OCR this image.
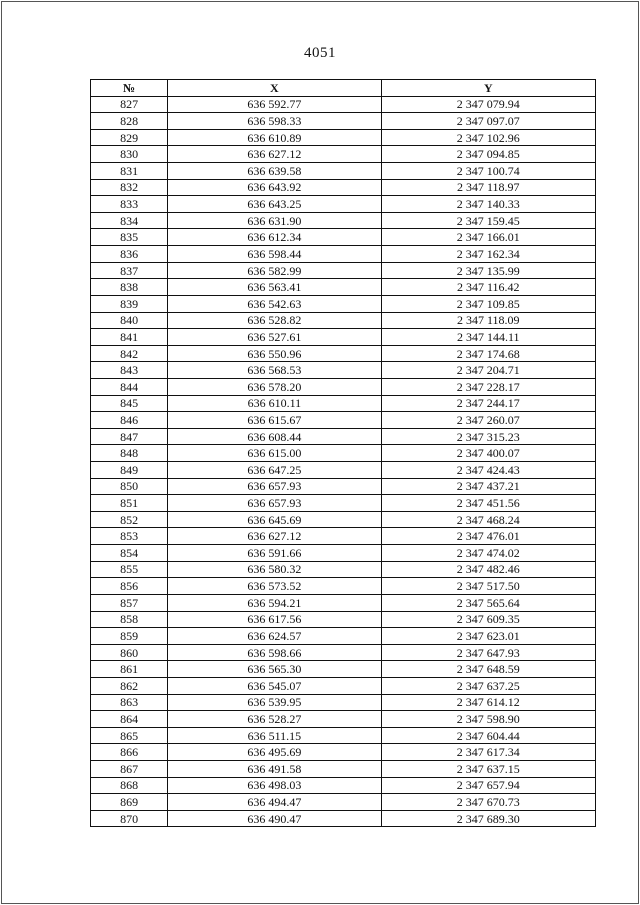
4051
№	X	Y
827	636 592.77	2 347 079.94
828	636 598.33	2 347 097.07
829	636 610.89	2 347 102.96
830	636 627.12	2 347 094.85
831	636 639.58	2 347 100.74
832	636 643.92	2 347 118.97
833	636 643.25	2 347 140.33
834	636 631.90	2 347 159.45
835	636 612.34	2 347 166.01
836	636 598.44	2 347 162.34
837	636 582.99	2 347 135.99
838	636 563.41	2 347 116.42
839	636 542.63	2 347 109.85
840	636 528.82	2 347 118.09
841	636 527.61	2 347 144.11
842	636 550.96	2 347 174.68
843	636 568.53	2 347 204.71
844	636 578.20	2 347 228.17
845	636 610.11	2 347 244.17
846	636 615.67	2 347 260.07
847	636 608.44	2 347 315.23
848	636 615.00	2 347 400.07
849	636 647.25	2 347 424.43
850	636 657.93	2 347 437.21
851	636 657.93	2 347 451.56
852	636 645.69	2 347 468.24
853	636 627.12	2 347 476.01
854	636 591.66	2 347 474.02
855	636 580.32	2 347 482.46
856	636 573.52	2 347 517.50
857	636 594.21	2 347 565.64
858	636 617.56	2 347 609.35
859	636 624.57	2 347 623.01
860	636 598.66	2 347 647.93
861	636 565.30	2 347 648.59
862	636 545.07	2 347 637.25
863	636 539.95	2 347 614.12
864	636 528.27	2 347 598.90
865	636 511.15	2 347 604.44
866	636 495.69	2 347 617.34
867	636 491.58	2 347 637.15
868	636 498.03	2 347 657.94
869	636 494.47	2 347 670.73
870	636 490.47	2 347 689.30
